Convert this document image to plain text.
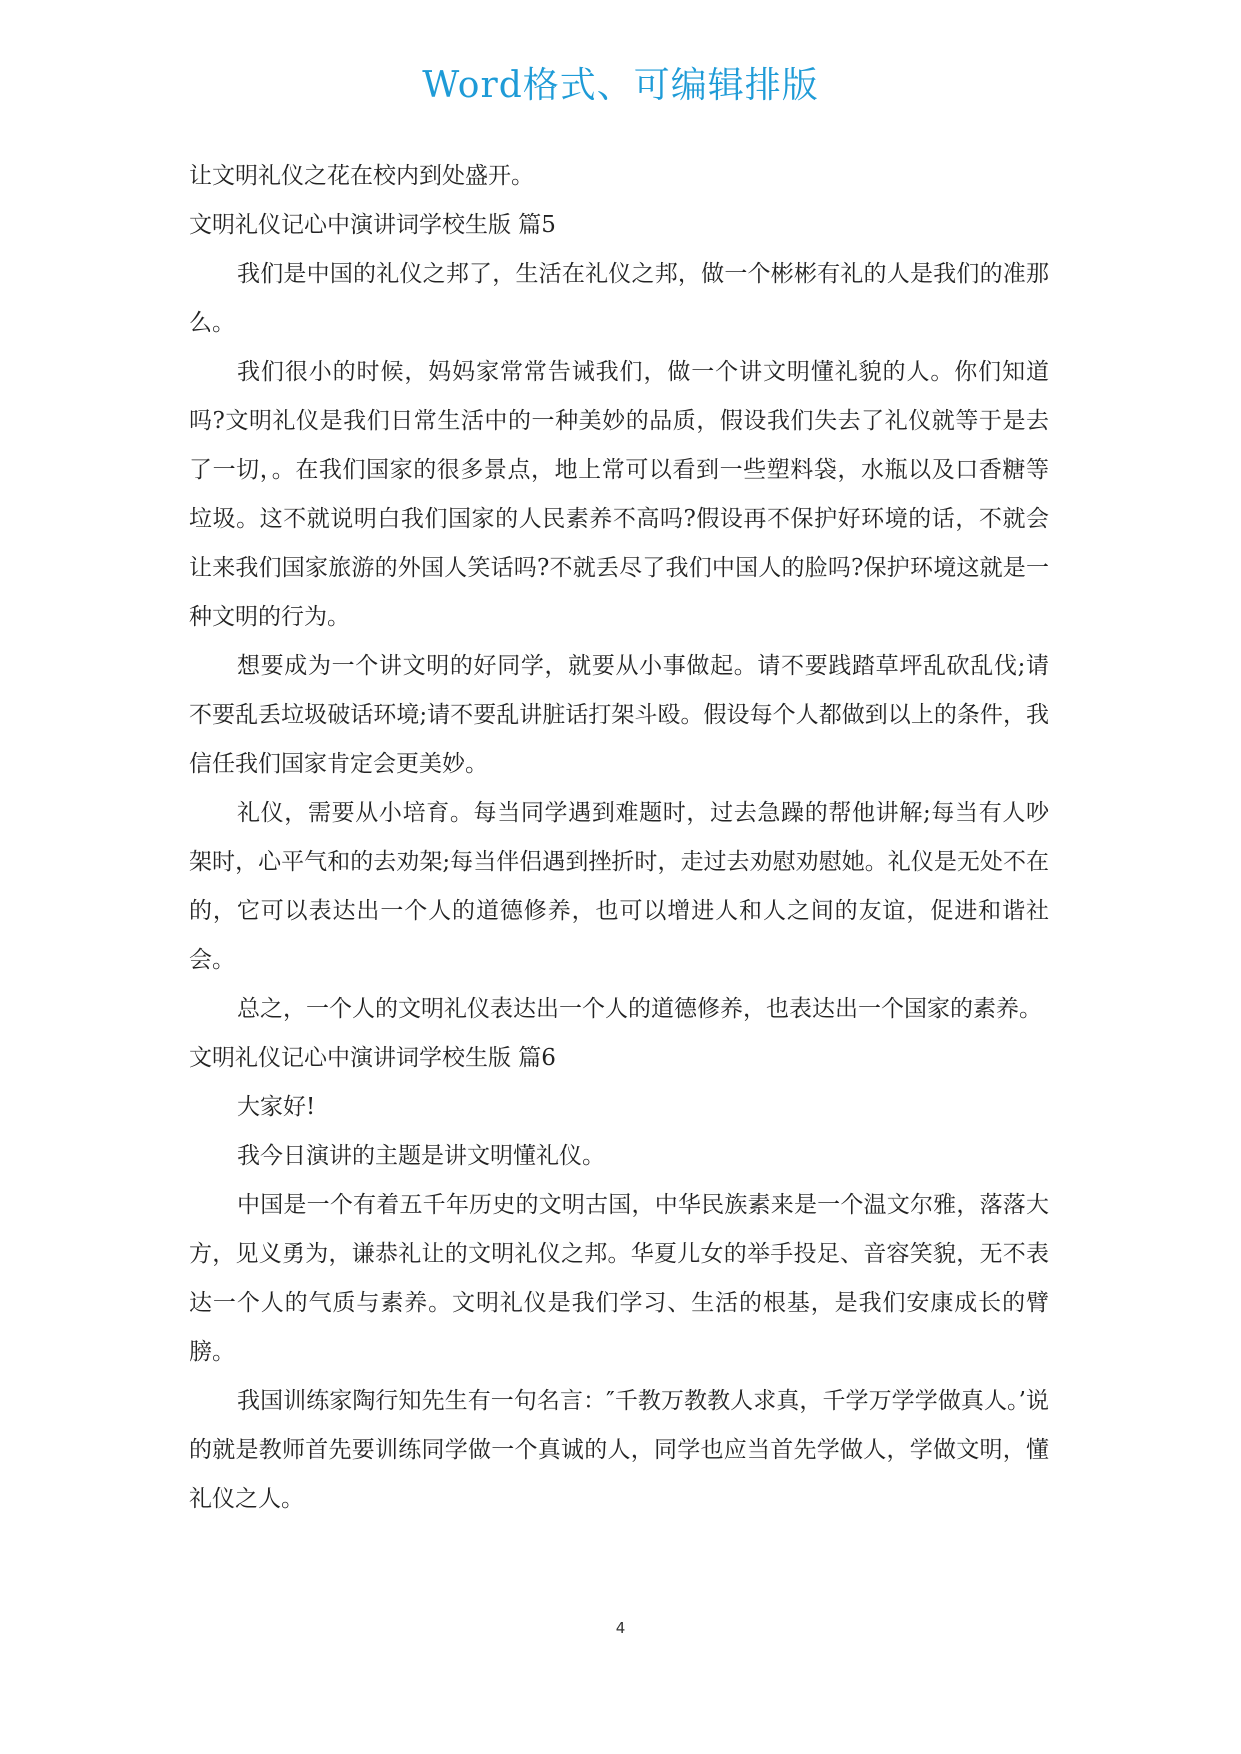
Word格式、可编辑排版

让文明礼仪之花在校内到处盛开。

文明礼仪记心中演讲词学校生版 篇5

我们是中国的礼仪之邦了，生活在礼仪之邦，做一个彬彬有礼的人是我们的准那么。

我们很小的时候，妈妈家常常告诫我们，做一个讲文明懂礼貌的人。你们知道吗?文明礼仪是我们日常生活中的一种美妙的品质，假设我们失去了礼仪就等于是去了一切，。在我们国家的很多景点，地上常可以看到一些塑料袋，水瓶以及口香糖等垃圾。这不就说明白我们国家的人民素养不高吗?假设再不保护好环境的话，不就会让来我们国家旅游的外国人笑话吗?不就丢尽了我们中国人的脸吗?保护环境这就是一种文明的行为。

想要成为一个讲文明的好同学，就要从小事做起。请不要践踏草坪乱砍乱伐;请不要乱丢垃圾破话环境;请不要乱讲脏话打架斗殴。假设每个人都做到以上的条件，我信任我们国家肯定会更美妙。

礼仪，需要从小培育。每当同学遇到难题时，过去急躁的帮他讲解;每当有人吵架时，心平气和的去劝架;每当伴侣遇到挫折时，走过去劝慰劝慰她。礼仪是无处不在的，它可以表达出一个人的道德修养，也可以增进人和人之间的友谊，促进和谐社会。

总之，一个人的文明礼仪表达出一个人的道德修养，也表达出一个国家的素养。

文明礼仪记心中演讲词学校生版 篇6

大家好!

我今日演讲的主题是讲文明懂礼仪。

中国是一个有着五千年历史的文明古国，中华民族素来是一个温文尔雅，落落大方，见义勇为，谦恭礼让的文明礼仪之邦。华夏儿女的举手投足、音容笑貌，无不表达一个人的气质与素养。文明礼仪是我们学习、生活的根基，是我们安康成长的臂膀。

我国训练家陶行知先生有一句名言：″千教万教教人求真，千学万学学做真人。’说的就是教师首先要训练同学做一个真诚的人，同学也应当首先学做人，学做文明，懂礼仪之人。

4
